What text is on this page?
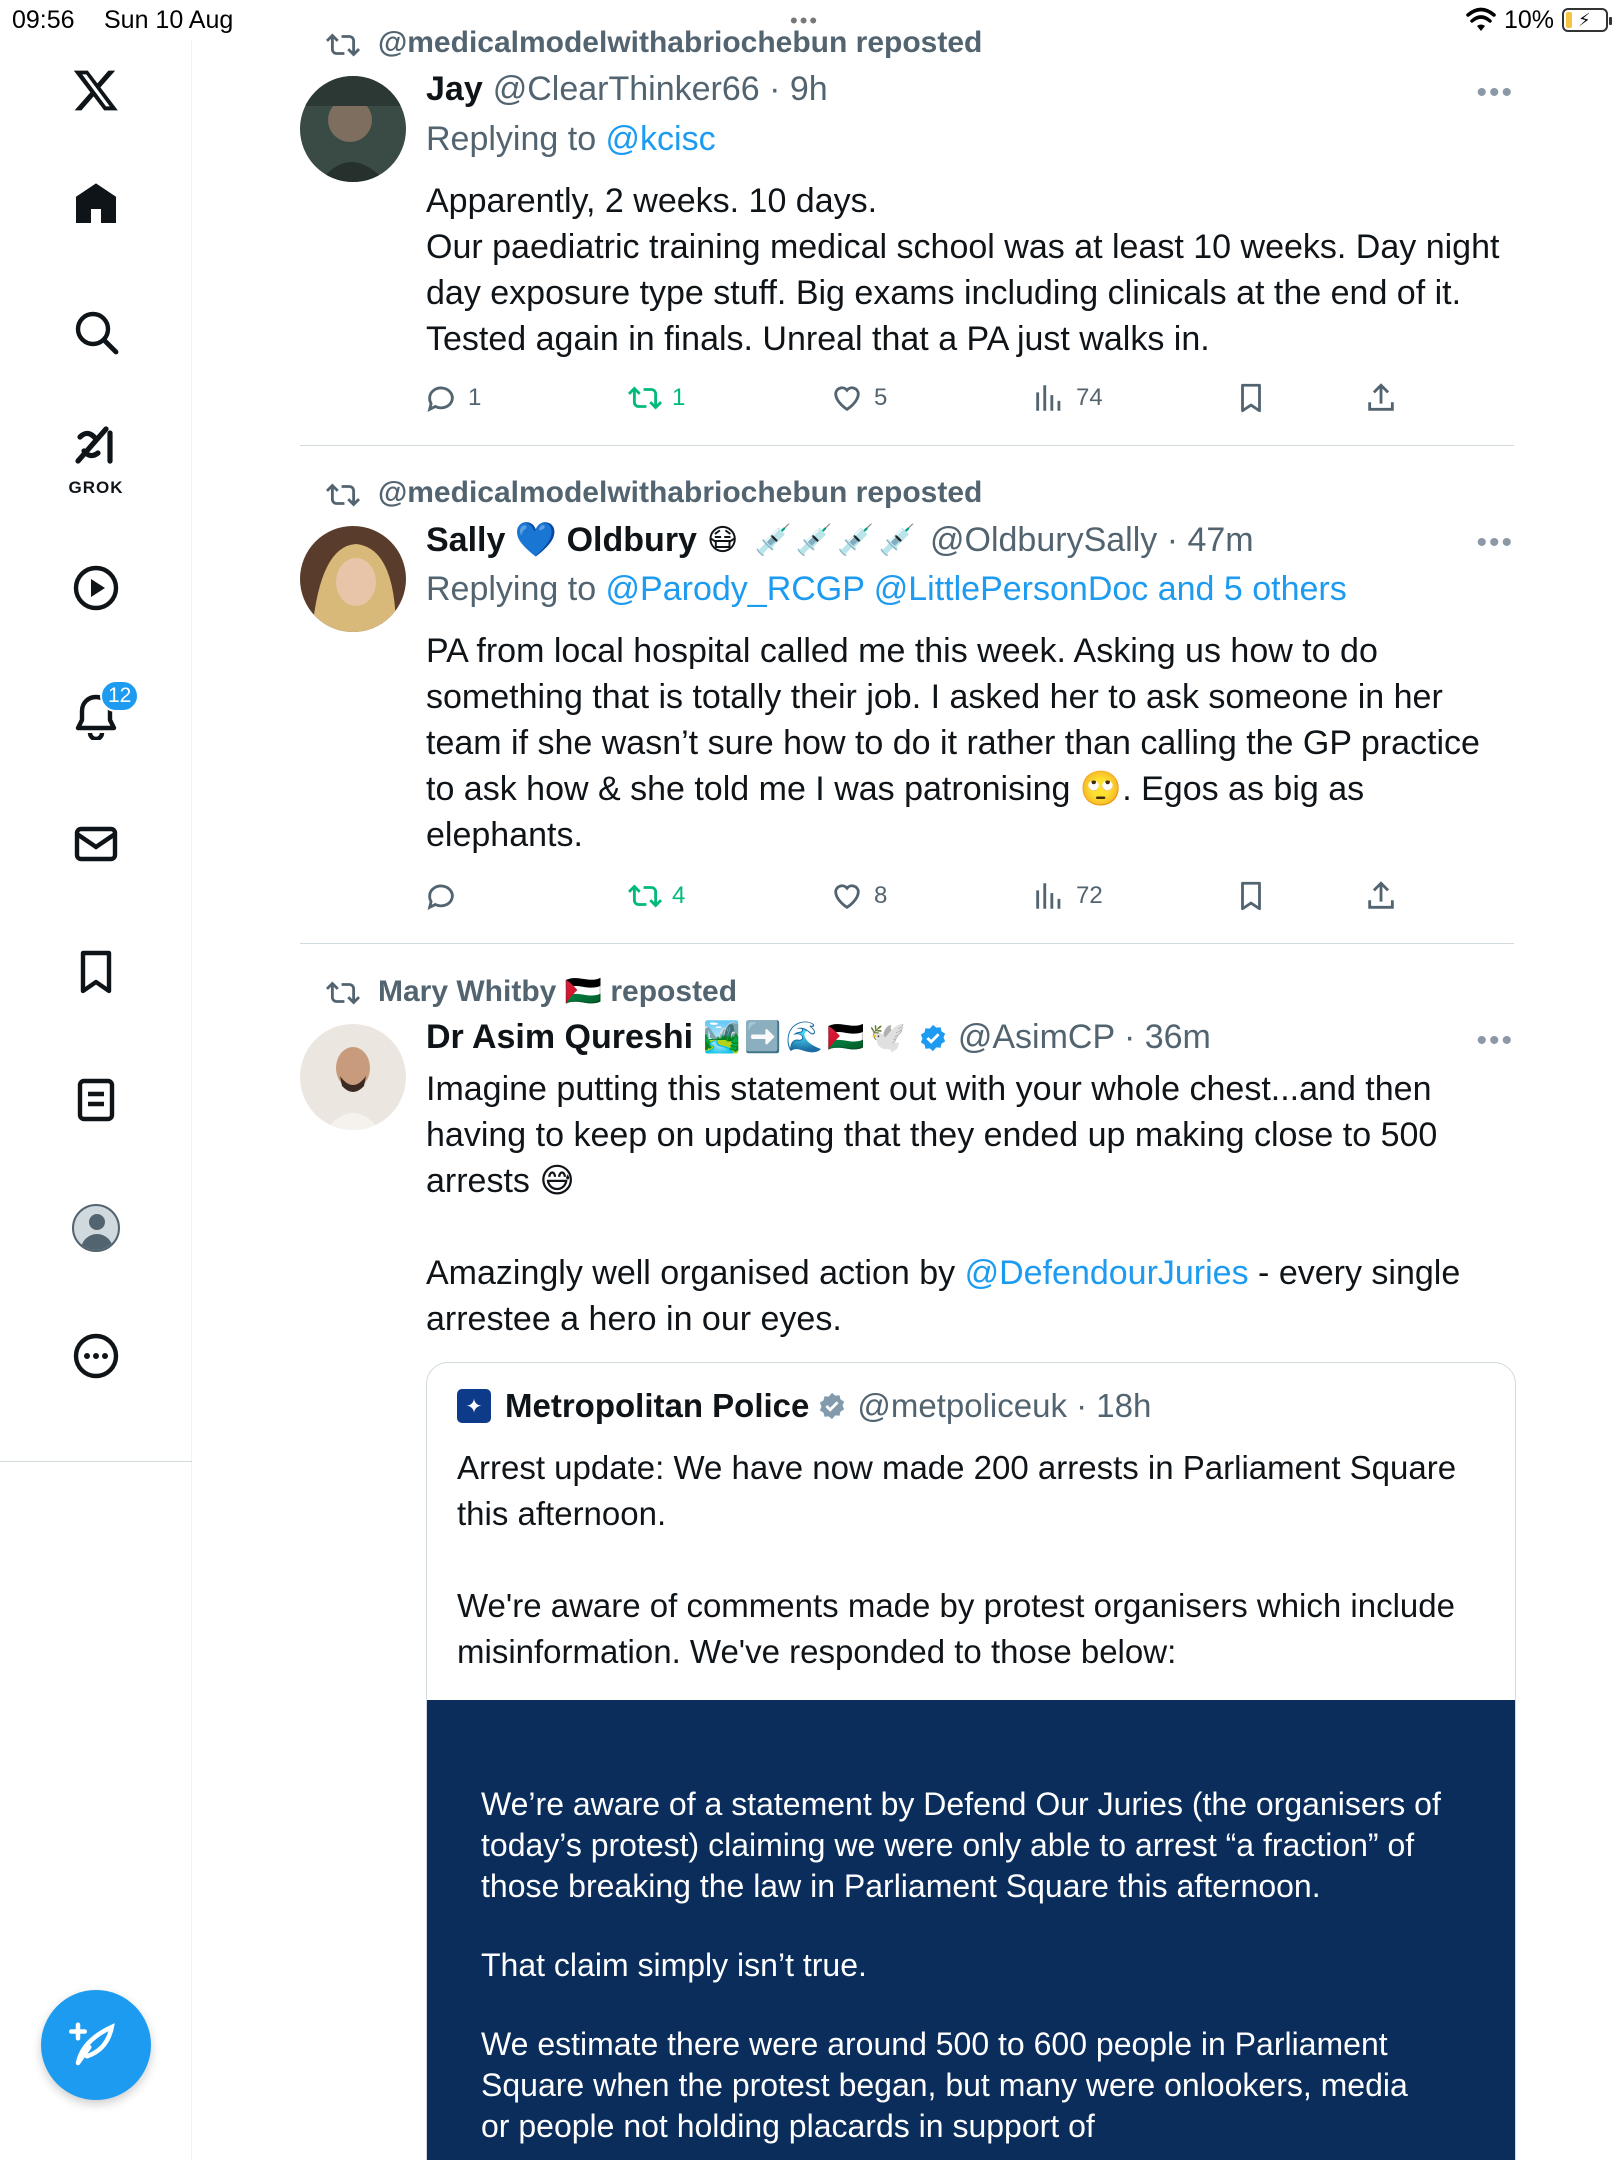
09:56 Sun 10 Aug	•••	10% ⚡
GROK
12
@medicalmodelwithabriochebun reposted
Jay @ClearThinker66 · 9h	•••
Replying to @kcisc

Apparently, 2 weeks. 10 days.

Our paediatric training medical school was at least 10 weeks. Day night day exposure type stuff. Big exams including clinicals at the end of it. Tested again in finals. Unreal that a PA just walks in.

1	1	5	74
@medicalmodelwithabriochebun reposted
Sally 💙 Oldbury 😷 💉💉💉💉 @OldburySally · 47m	•••
Replying to @Parody_RCGP @LittlePersonDoc and 5 others

PA from local hospital called me this week. Asking us how to do something that is totally their job. I asked her to ask someone in her team if she wasn’t sure how to do it rather than calling the GP practice to ask how & she told me I was patronising 🙄. Egos as big as elephants.

4	8	72
Mary Whitby 🇵🇸 reposted
Dr Asim Qureshi 🏞️➡️🌊🇵🇸🕊️ @AsimCP · 36m	•••

Imagine putting this statement out with your whole chest...and then having to keep on updating that they ended up making close to 500 arrests 😅

Amazingly well organised action by @DefendourJuries - every single arrestee a hero in our eyes.

✦ Metropolitan Police @metpoliceuk · 18h

Arrest update: We have now made 200 arrests in Parliament Square this afternoon.

We're aware of comments made by protest organisers which include misinformation. We've responded to those below:

We’re aware of a statement by Defend Our Juries (the organisers of today’s protest) claiming we were only able to arrest “a fraction” of those breaking the law in Parliament Square this afternoon.

That claim simply isn’t true.

We estimate there were around 500 to 600 people in Parliament Square when the protest began, but many were onlookers, media or people not holding placards in support of
